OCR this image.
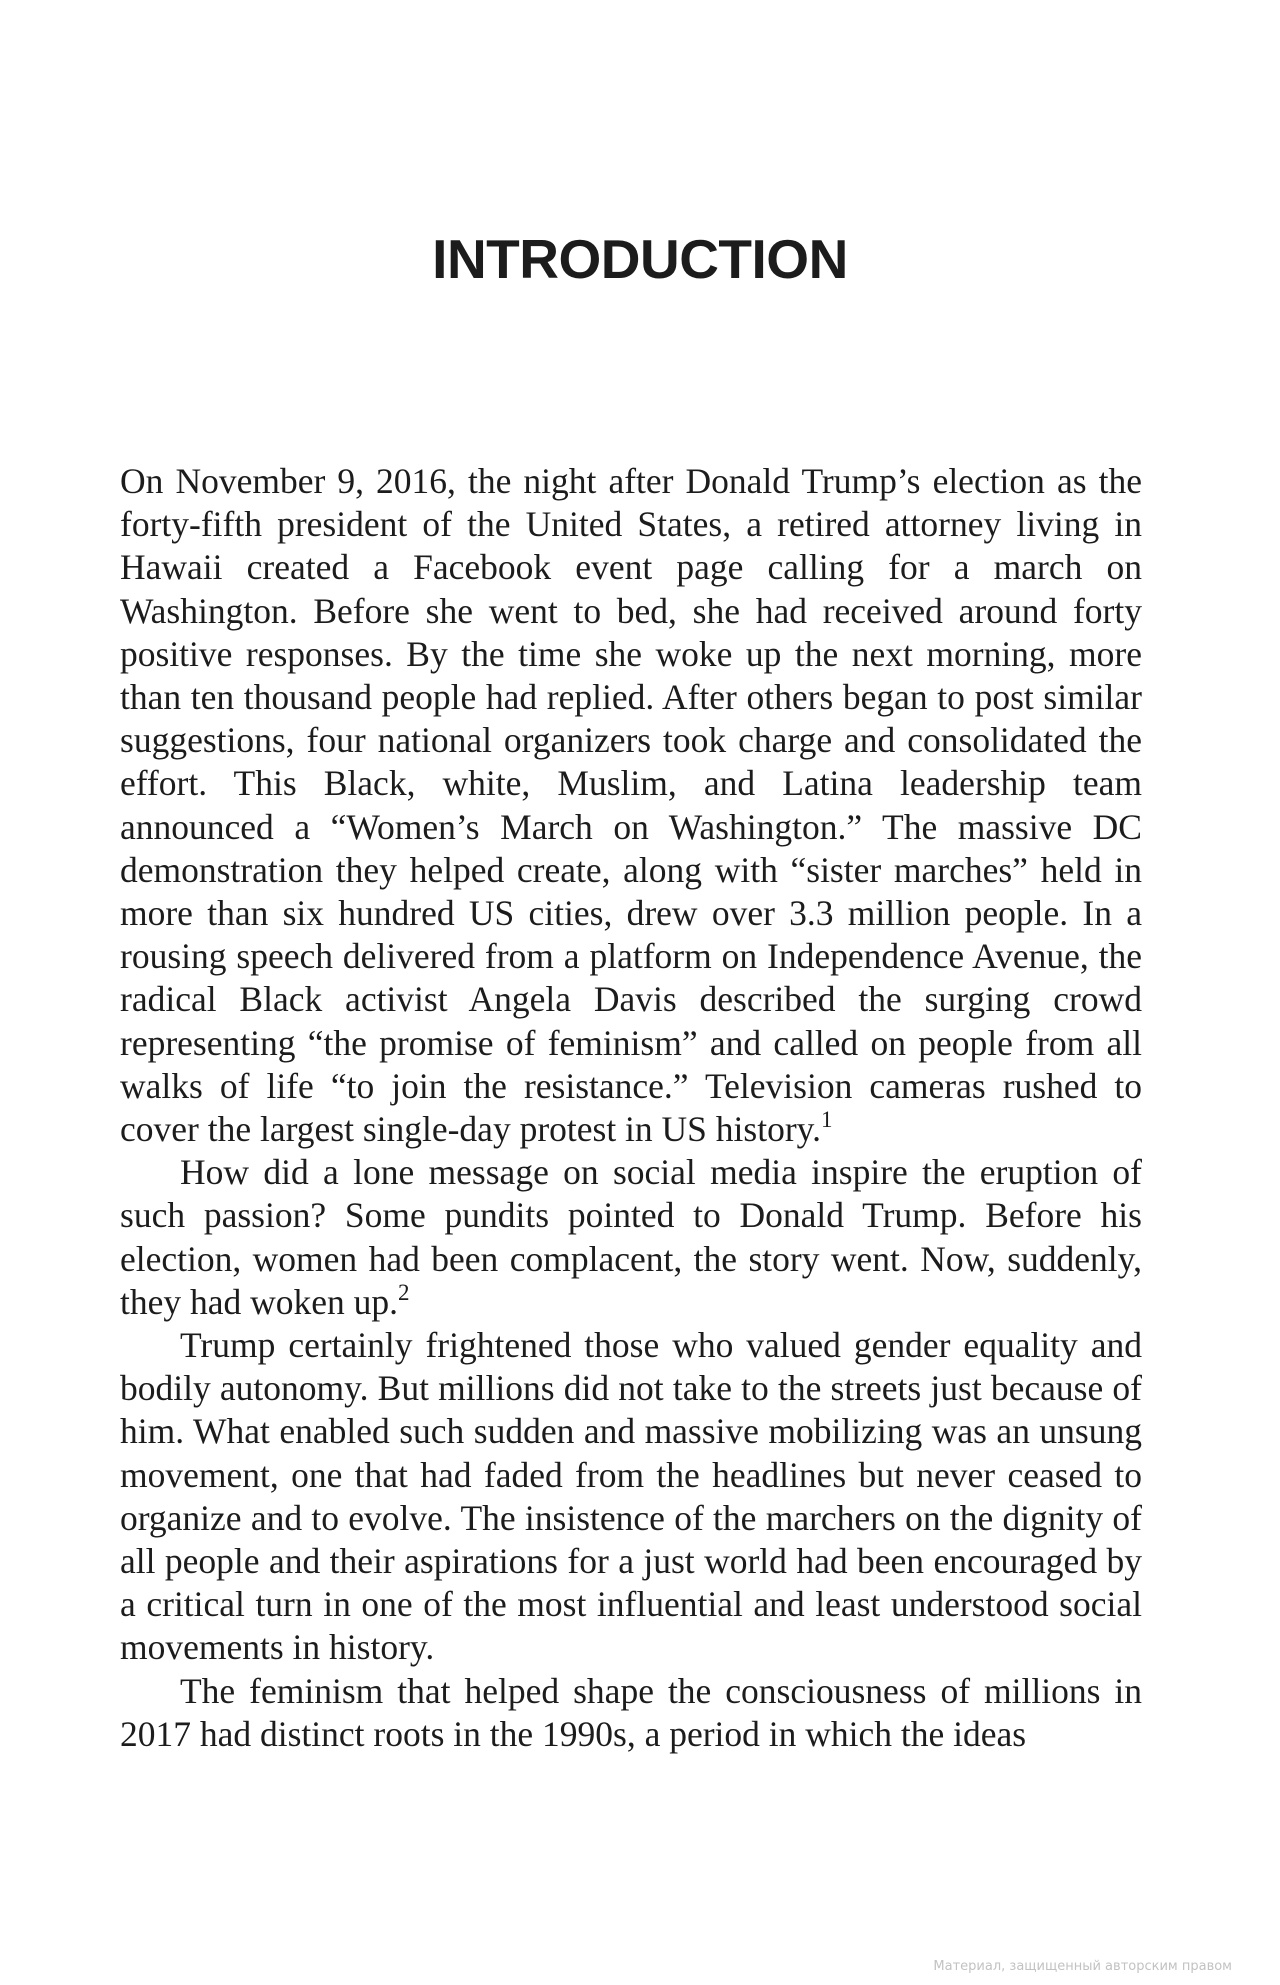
INTRODUCTION

On November 9, 2016, the night after Donald Trump’s election as the forty-fifth president of the United States, a retired attorney living in Hawaii created a Facebook event page calling for a march on Washington. Before she went to bed, she had received around forty positive responses. By the time she woke up the next morning, more than ten thousand people had replied. After others began to post similar suggestions, four national organizers took charge and consolidated the effort. This Black, white, Muslim, and Latina leadership team announced a “Women’s March on Washington.” The massive DC demonstration they helped create, along with “sister marches” held in more than six hundred US cities, drew over 3.3 million people. In a rousing speech delivered from a platform on Independence Avenue, the radical Black activist Angela Davis described the surging crowd representing “the promise of feminism” and called on people from all walks of life “to join the resistance.” Television cameras rushed to cover the largest single-day protest in US history.$^1$

How did a lone message on social media inspire the eruption of such passion? Some pundits pointed to Donald Trump. Before his election, women had been complacent, the story went. Now, suddenly, they had woken up.$^2$

Trump certainly frightened those who valued gender equality and bodily autonomy. But millions did not take to the streets just because of him. What enabled such sudden and massive mobilizing was an unsung movement, one that had faded from the headlines but never ceased to organize and to evolve. The insistence of the marchers on the dignity of all people and their aspirations for a just world had been encouraged by a critical turn in one of the most influential and least understood social movements in history.

The feminism that helped shape the consciousness of millions in 2017 had distinct roots in the 1990s, a period in which the ideas

Материал, защищенный авторским правом
